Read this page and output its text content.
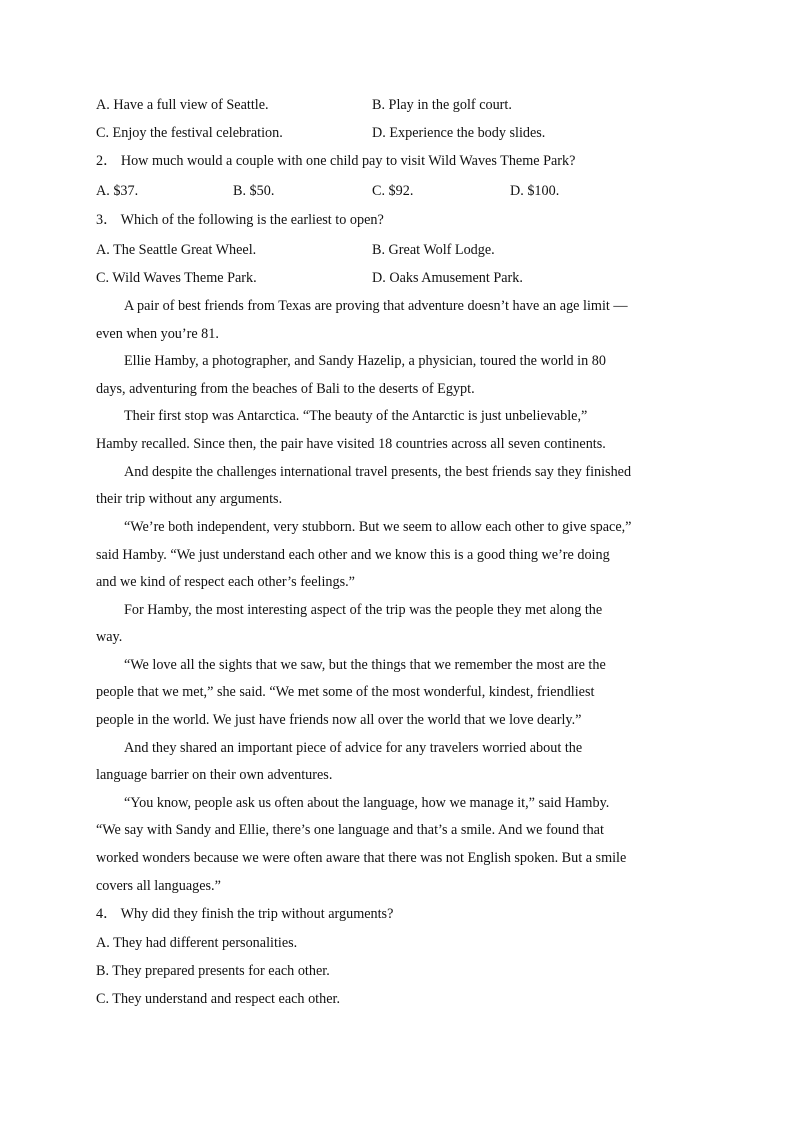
A. Have a full view of Seattle.	B. Play in the golf court.
C. Enjoy the festival celebration.	D. Experience the body slides.
2． How much would a couple with one child pay to visit Wild Waves Theme Park?
A. $37.	B. $50.	C. $92.	D. $100.
3． Which of the following is the earliest to open?
A. The Seattle Great Wheel.	B. Great Wolf Lodge.
C. Wild Waves Theme Park.	D. Oaks Amusement Park.
A pair of best friends from Texas are proving that adventure doesn’t have an age limit —
even when you’re 81.
Ellie Hamby, a photographer, and Sandy Hazelip, a physician, toured the world in 80
days, adventuring from the beaches of Bali to the deserts of Egypt.
Their first stop was Antarctica. “The beauty of the Antarctic is just unbelievable,”
Hamby recalled. Since then, the pair have visited 18 countries across all seven continents.
And despite the challenges international travel presents, the best friends say they finished
their trip without any arguments.
“We’re both independent, very stubborn. But we seem to allow each other to give space,”
said Hamby. “We just understand each other and we know this is a good thing we’re doing
and we kind of respect each other’s feelings.”
For Hamby, the most interesting aspect of the trip was the people they met along the
way.
“We love all the sights that we saw, but the things that we remember the most are the
people that we met,” she said. “We met some of the most wonderful, kindest, friendliest
people in the world. We just have friends now all over the world that we love dearly.”
And they shared an important piece of advice for any travelers worried about the
language barrier on their own adventures.
“You know, people ask us often about the language, how we manage it,” said Hamby.
“We say with Sandy and Ellie, there’s one language and that’s a smile. And we found that
worked wonders because we were often aware that there was not English spoken. But a smile
covers all languages.”
4． Why did they finish the trip without arguments?
A. They had different personalities.
B. They prepared presents for each other.
C. They understand and respect each other.
